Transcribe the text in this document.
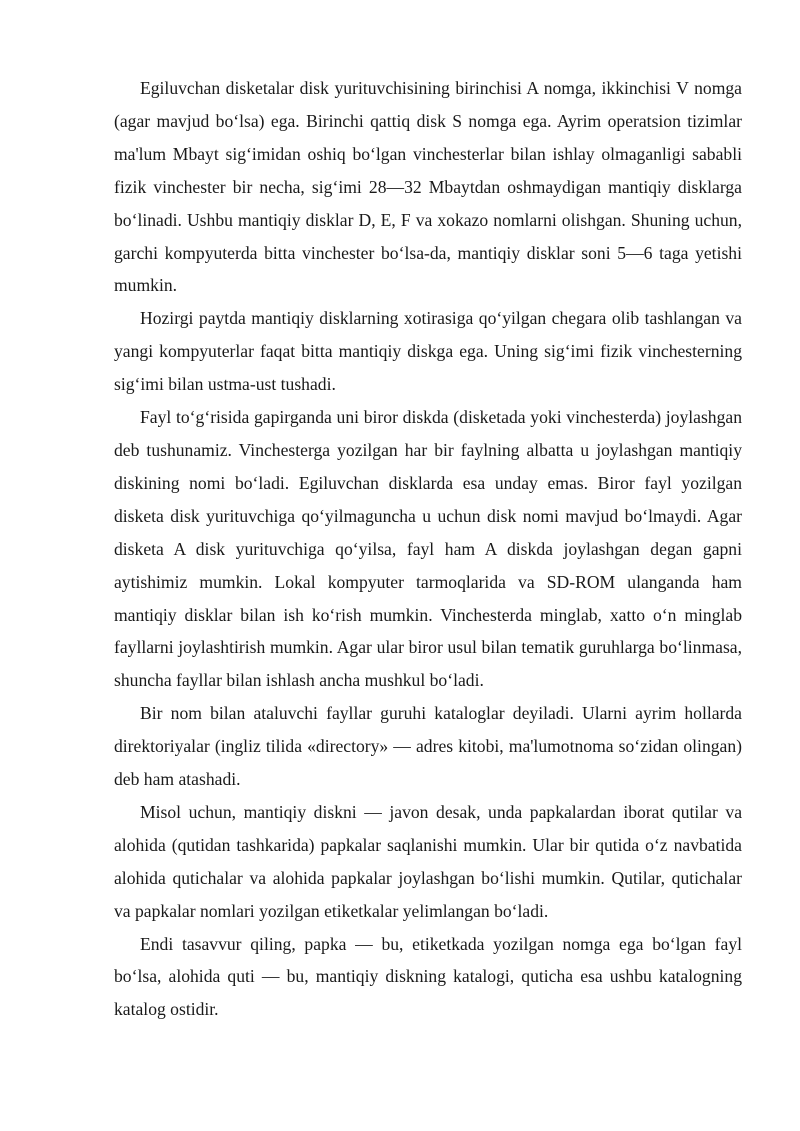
Egiluvchan disketalar disk yurituvchisining birinchisi A nomga, ikkinchisi V nomga (agar mavjud bo‘lsa) ega. Birinchi qattiq disk S nomga ega. Ayrim operatsion tizimlar ma'lum Mbayt sig‘imidan oshiq bo‘lgan vinchesterlar bilan ishlay olmaganligi sababli fizik vinchester bir necha, sig‘imi 28—32 Mbaytdan oshmaydigan mantiqiy disklarga bo‘linadi. Ushbu mantiqiy disklar D, E, F va xokazo nomlarni olishgan. Shuning uchun, garchi kompyuterda bitta vinchester bo‘lsa-da, mantiqiy disklar soni 5—6 taga yetishi mumkin.

Hozirgi paytda mantiqiy disklarning xotirasiga qo‘yilgan chegara olib tashlangan va yangi kompyuterlar faqat bitta mantiqiy diskga ega. Uning sig‘imi fizik vinchesterning sig‘imi bilan ustma-ust tushadi.

Fayl to‘g‘risida gapirganda uni biror diskda (disketada yoki vinchesterda) joylashgan deb tushunamiz. Vinchesterga yozilgan har bir faylning albatta u joylashgan mantiqiy diskining nomi bo‘ladi. Egiluvchan disklarda esa unday emas. Biror fayl yozilgan disketa disk yurituvchiga qo‘yilmaguncha u uchun disk nomi mavjud bo‘lmaydi. Agar disketa A disk yurituvchiga qo‘yilsa, fayl ham A diskda joylashgan degan gapni aytishimiz mumkin. Lokal kompyuter tarmoqlarida va SD-ROM ulanganda ham mantiqiy disklar bilan ish ko‘rish mumkin. Vinchesterda minglab, xatto o‘n minglab fayllarni joylashtirish mumkin. Agar ular biror usul bilan tematik guruhlarga bo‘linmasa, shuncha fayllar bilan ishlash ancha mushkul bo‘ladi.

Bir nom bilan ataluvchi fayllar guruhi kataloglar deyiladi. Ularni ayrim hollarda direktoriyalar (ingliz tilida «directory» — adres kitobi, ma'lumotnoma so‘zidan olingan) deb ham atashadi.

Misol uchun, mantiqiy diskni — javon desak, unda papkalardan iborat qutilar va alohida (qutidan tashkarida) papkalar saqlanishi mumkin. Ular bir qutida o‘z navbatida alohida qutichalar va alohida papkalar joylashgan bo‘lishi mumkin. Qutilar, qutichalar va papkalar nomlari yozilgan etiketkalar yelimlangan bo‘ladi.

Endi tasavvur qiling, papka — bu, etiketkada yozilgan nomga ega bo‘lgan fayl bo‘lsa, alohida quti — bu, mantiqiy diskning katalogi, quticha esa ushbu katalogning katalog ostidir.
